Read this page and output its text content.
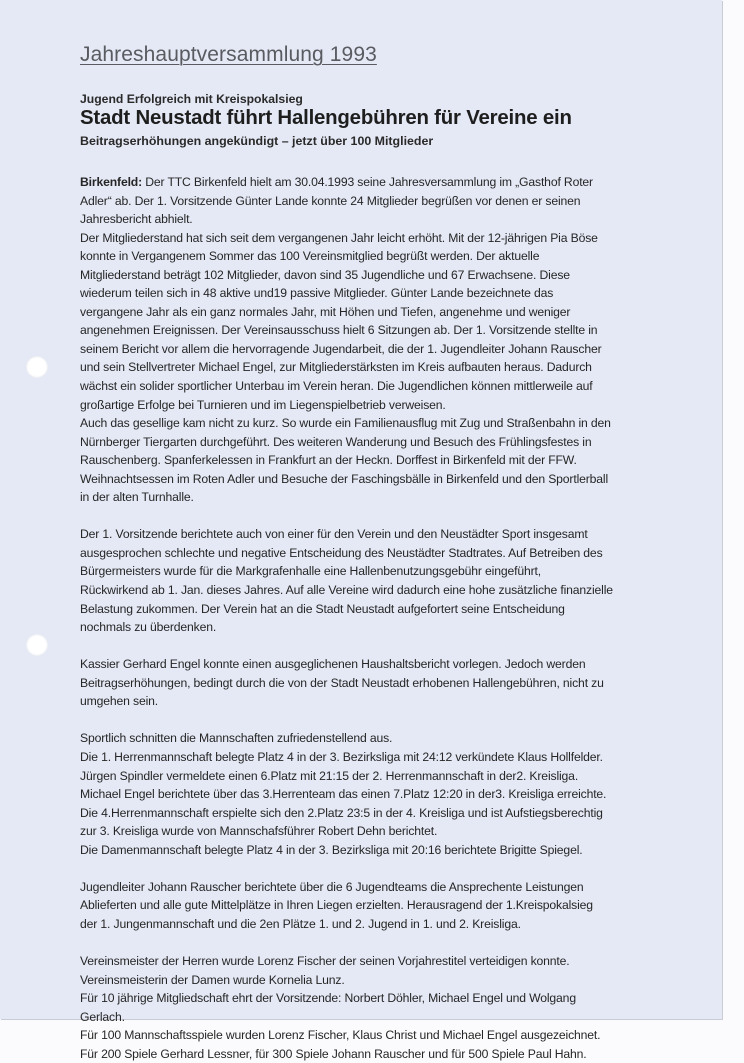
Jahreshauptversammlung 1993
Jugend Erfolgreich mit Kreispokalsieg
Stadt Neustadt führt Hallengebühren für Vereine ein
Beitragserhöhungen angekündigt – jetzt über 100 Mitglieder
Birkenfeld: Der TTC Birkenfeld hielt am 30.04.1993 seine Jahresversammlung im „Gasthof Roter
Adler“ ab. Der 1. Vorsitzende Günter Lande konnte 24 Mitglieder begrüßen vor denen er seinen
Jahresbericht abhielt.
Der Mitgliederstand hat sich seit dem vergangenen Jahr leicht erhöht. Mit der 12-jährigen Pia Böse
konnte in Vergangenem Sommer das 100 Vereinsmitglied begrüßt werden. Der aktuelle
Mitgliederstand beträgt 102 Mitglieder, davon sind 35 Jugendliche und 67 Erwachsene. Diese
wiederum teilen sich in 48 aktive und19 passive Mitglieder. Günter Lande bezeichnete das
vergangene Jahr als ein ganz normales Jahr, mit Höhen und Tiefen, angenehme und weniger
angenehmen Ereignissen. Der Vereinsausschuss hielt 6 Sitzungen ab. Der 1. Vorsitzende stellte in
seinem Bericht vor allem die hervorragende Jugendarbeit, die der 1. Jugendleiter Johann Rauscher
und sein Stellvertreter Michael Engel, zur Mitgliederstärksten im Kreis aufbauten heraus. Dadurch
wächst ein solider sportlicher Unterbau im Verein heran. Die Jugendlichen können mittlerweile auf
großartige Erfolge bei Turnieren und im Liegenspielbetrieb verweisen.
Auch das gesellige kam nicht zu kurz. So wurde ein Familienausflug mit Zug und Straßenbahn in den
Nürnberger Tiergarten durchgeführt. Des weiteren Wanderung und Besuch des Frühlingsfestes in
Rauschenberg. Spanferkelessen in Frankfurt an der Heckn. Dorffest in Birkenfeld mit der FFW.
Weihnachtsessen im Roten Adler und Besuche der Faschingsbälle in Birkenfeld und den Sportlerball
in der alten Turnhalle.
Der 1. Vorsitzende berichtete auch von einer für den Verein und den Neustädter Sport insgesamt
ausgesprochen schlechte und negative Entscheidung des Neustädter Stadtrates. Auf Betreiben des
Bürgermeisters wurde für die Markgrafenhalle eine Hallenbenutzungsgebühr eingeführt,
Rückwirkend ab 1. Jan. dieses Jahres. Auf alle Vereine wird dadurch eine hohe zusätzliche finanzielle
Belastung zukommen. Der Verein hat an die Stadt Neustadt aufgefortert seine Entscheidung
nochmals zu überdenken.
Kassier Gerhard Engel konnte einen ausgeglichenen Haushaltsbericht vorlegen. Jedoch werden
Beitragserhöhungen, bedingt durch die von der Stadt Neustadt erhobenen Hallengebühren, nicht zu
umgehen sein.
Sportlich schnitten die Mannschaften zufriedenstellend aus.
Die 1. Herrenmannschaft belegte Platz 4 in der 3. Bezirksliga mit 24:12 verkündete Klaus Hollfelder.
Jürgen Spindler vermeldete einen 6.Platz mit 21:15 der 2. Herrenmannschaft in der2. Kreisliga.
Michael Engel berichtete über das 3.Herrenteam das einen 7.Platz 12:20 in der3. Kreisliga erreichte.
Die 4.Herrenmannschaft erspielte sich den 2.Platz 23:5 in der 4. Kreisliga und ist Aufstiegsberechtig
zur 3. Kreisliga wurde von Mannschafsführer Robert Dehn berichtet.
Die Damenmannschaft belegte Platz 4 in der 3. Bezirksliga mit 20:16 berichtete Brigitte Spiegel.
Jugendleiter Johann Rauscher berichtete über die 6 Jugendteams die Ansprechente Leistungen
Ablieferten und alle gute Mittelplätze in Ihren Liegen erzielten. Herausragend der 1.Kreispokalsieg
der 1. Jungenmannschaft und die 2en Plätze 1. und 2. Jugend in 1. und 2. Kreisliga.
Vereinsmeister der Herren wurde Lorenz Fischer der seinen Vorjahrestitel verteidigen konnte.
Vereinsmeisterin der Damen wurde Kornelia Lunz.
Für 10 jährige Mitgliedschaft ehrt der Vorsitzende: Norbert Döhler, Michael Engel und Wolgang
Gerlach.
Für 100 Mannschaftsspiele wurden Lorenz Fischer, Klaus Christ und Michael Engel ausgezeichnet.
Für 200 Spiele Gerhard Lessner, für 300 Spiele Johann Rauscher und für 500 Spiele Paul Hahn.
